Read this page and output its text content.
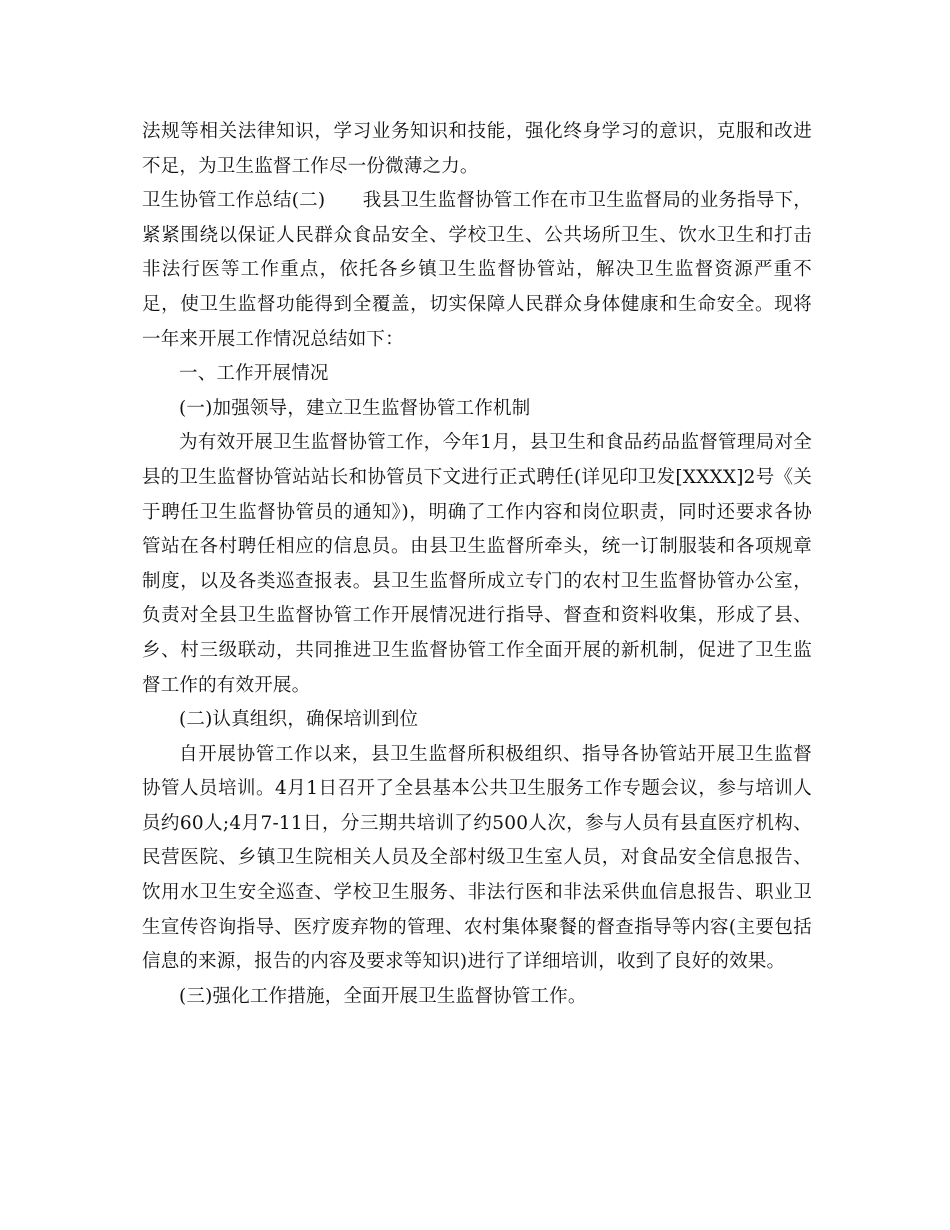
法规等相关法律知识，学习业务知识和技能，强化终身学习的意识，克服和改进不足，为卫生监督工作尽一份微薄之力。

卫生协管工作总结(二)　　我县卫生监督协管工作在市卫生监督局的业务指导下，紧紧围绕以保证人民群众食品安全、学校卫生、公共场所卫生、饮水卫生和打击非法行医等工作重点，依托各乡镇卫生监督协管站，解决卫生监督资源严重不足，使卫生监督功能得到全覆盖，切实保障人民群众身体健康和生命安全。现将一年来开展工作情况总结如下：

一、工作开展情况
(一)加强领导，建立卫生监督协管工作机制

为有效开展卫生监督协管工作，今年1月，县卫生和食品药品监督管理局对全县的卫生监督协管站站长和协管员下文进行正式聘任(详见印卫发[XXXX]2号《关于聘任卫生监督协管员的通知》)，明确了工作内容和岗位职责，同时还要求各协管站在各村聘任相应的信息员。由县卫生监督所牵头，统一订制服装和各项规章制度，以及各类巡查报表。县卫生监督所成立专门的农村卫生监督协管办公室，负责对全县卫生监督协管工作开展情况进行指导、督查和资料收集，形成了县、乡、村三级联动，共同推进卫生监督协管工作全面开展的新机制，促进了卫生监督工作的有效开展。

(二)认真组织，确保培训到位

自开展协管工作以来，县卫生监督所积极组织、指导各协管站开展卫生监督协管人员培训。4月1日召开了全县基本公共卫生服务工作专题会议，参与培训人员约60人;4月7-11日，分三期共培训了约500人次，参与人员有县直医疗机构、民营医院、乡镇卫生院相关人员及全部村级卫生室人员，对食品安全信息报告、饮用水卫生安全巡查、学校卫生服务、非法行医和非法采供血信息报告、职业卫生宣传咨询指导、医疗废弃物的管理、农村集体聚餐的督查指导等内容(主要包括信息的来源，报告的内容及要求等知识)进行了详细培训，收到了良好的效果。

(三)强化工作措施，全面开展卫生监督协管工作。
